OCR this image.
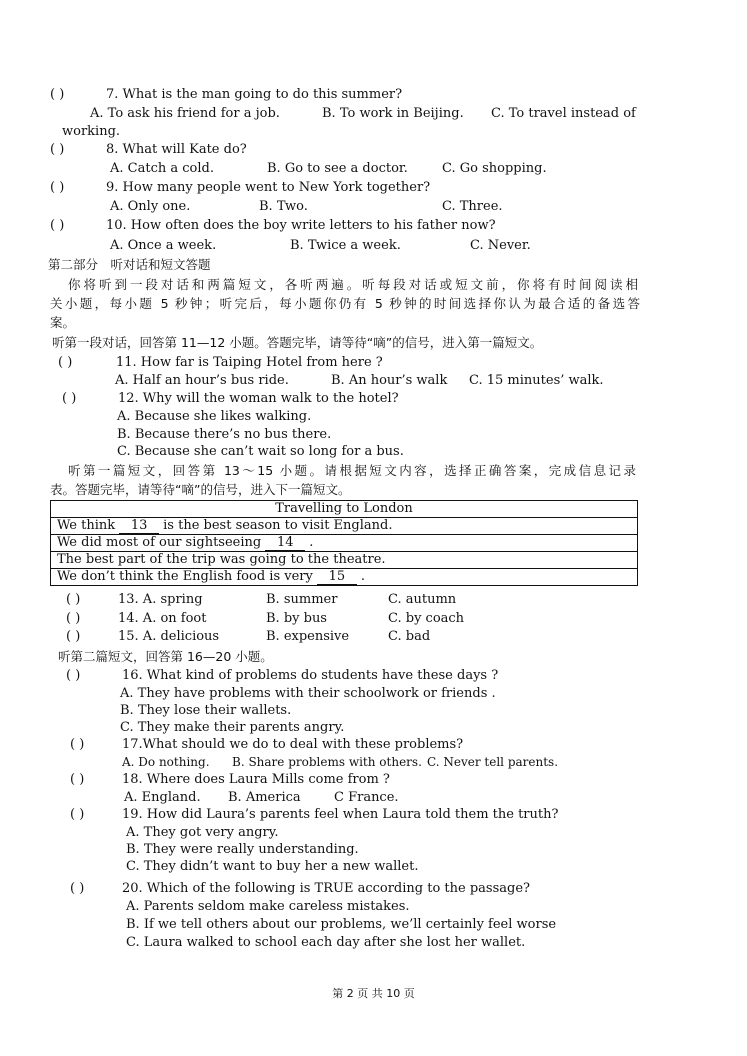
( )	7. What is the man going to do this summer?
A. To ask his friend for a job.	B. To work in Beijing. C. To travel instead of
working.
( )	8. What will Kate do?
A. Catch a cold.	B. Go to see a doctor.	C. Go shopping.
( )	9. How many people went to New York together?
A. Only one.	B. Two.	C. Three.
( )	10. How often does the boy write letters to his father now?
A. Once a week.	B. Twice a week.	C. Never.
第二部分　听对话和短文答题
你将听到一段对话和两篇短文，各听两遍。听每段对话或短文前，你将有时间阅读相
关小题，每小题 5 秒钟；听完后，每小题你仍有 5 秒钟的时间选择你认为最合适的备选答
案。
听第一段对话，回答第 11—12 小题。答题完毕，请等待“嘀”的信号，进入第一篇短文。
( )	11. How far is Taiping Hotel from here ?
A. Half an hour’s bus ride.	B. An hour’s walk C. 15 minutes’ walk.
( )	12. Why will the woman walk to the hotel?
A. Because she likes walking.
B. Because there’s no bus there.
C. Because she can’t wait so long for a bus.
听第一篇短文，回答第 13～15 小题。请根据短文内容，选择正确答案，完成信息记录
表。答题完毕，请等待“嘀”的信号，进入下一篇短文。
Travelling to London
We think 13 is the best season to visit England.
We did most of our sightseeing 14 .
The best part of the trip was going to the theatre.
We don’t think the English food is very 15 .
( )	13. A. spring	B. summer	C. autumn
( )	14. A. on foot	B. by bus	C. by coach
( )	15. A. delicious	B. expensive	C. bad
听第二篇短文，回答第 16—20 小题。
( )	16. What kind of problems do students have these days ?
A. They have problems with their schoolwork or friends .
B. They lose their wallets.
C. They make their parents angry.
( )	17.What should we do to deal with these problems?
A. Do nothing. B. Share problems with others. C. Never tell parents.
( )	18. Where does Laura Mills come from ?
A. England. B. America	C France.
( )	19. How did Laura’s parents feel when Laura told them the truth?
A. They got very angry.
B. They were really understanding.
C. They didn’t want to buy her a new wallet.
( )	20. Which of the following is TRUE according to the passage?
A. Parents seldom make careless mistakes.
B. If we tell others about our problems, we’ll certainly feel worse
C. Laura walked to school each day after she lost her wallet.
第 2 页 共 10 页
